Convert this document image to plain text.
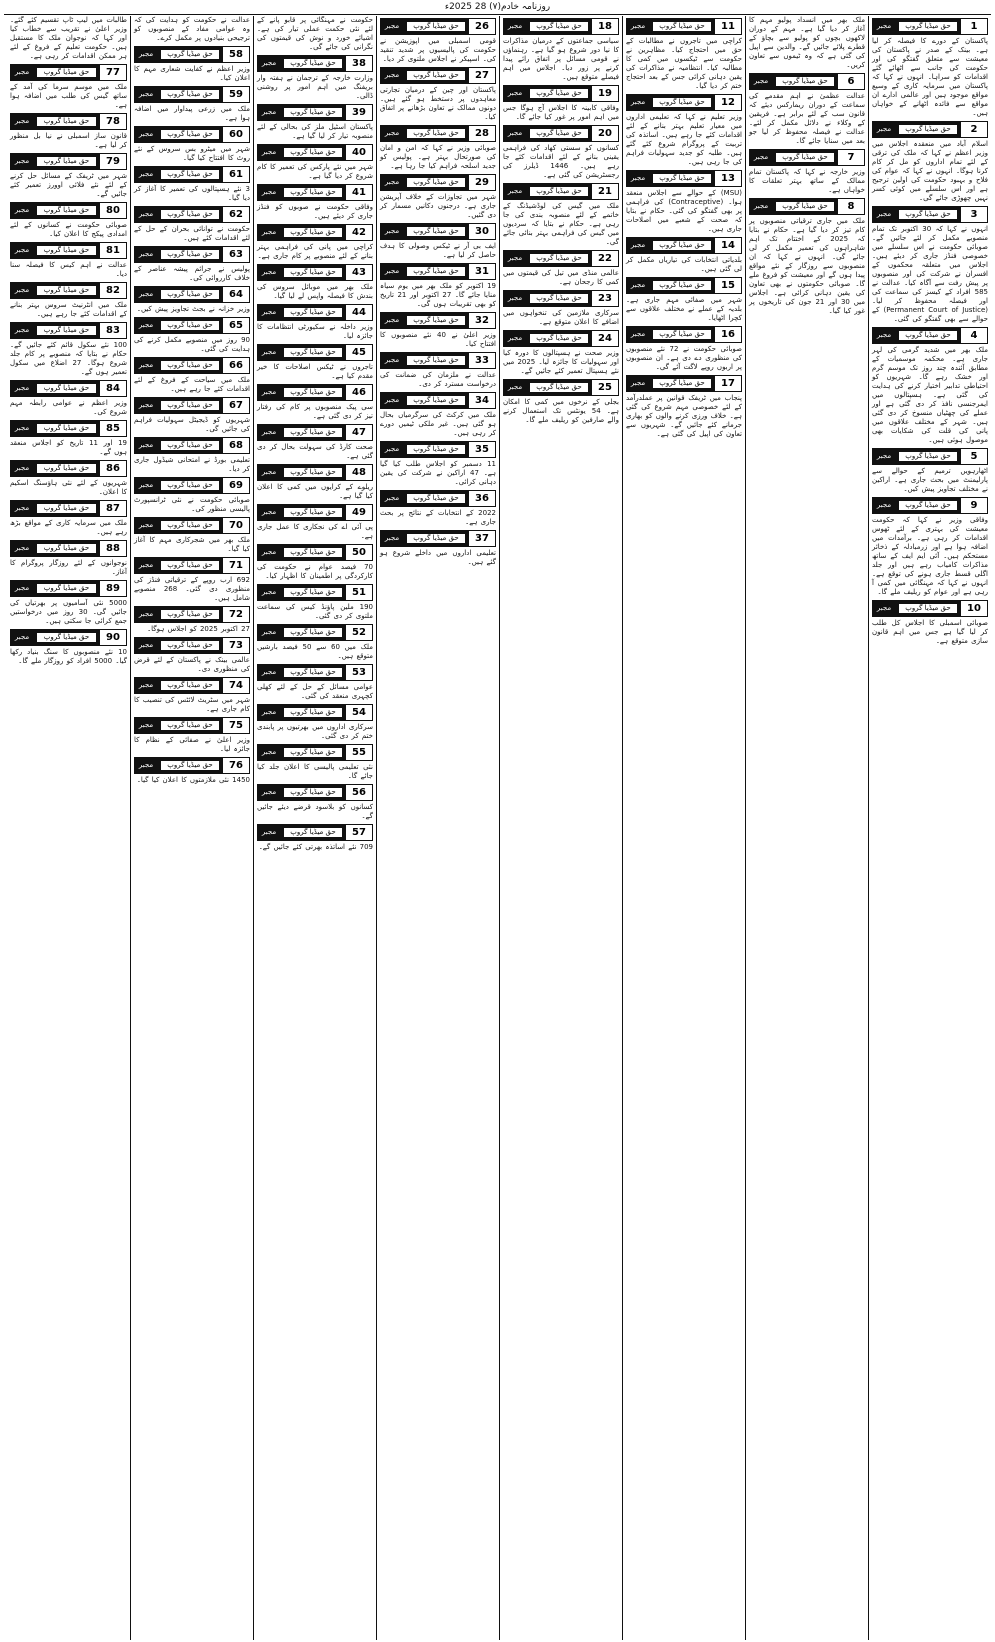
روزنامہ خادم(۷) 28 2025ء
1
حق میڈیا گروپ
مجبر
پاکستان کے دورے کا فیصلہ کر لیا ہے۔ بینک کے صدر نے پاکستان کی معیشت سے متعلق گفتگو کی اور حکومت کی جانب سے اٹھائے گئے اقدامات کو سراہا۔ انہوں نے کہا کہ پاکستان میں سرمایہ کاری کے وسیع مواقع موجود ہیں اور عالمی ادارے ان مواقع سے فائدہ اٹھانے کے خواہاں ہیں۔
2
حق میڈیا گروپ
مجبر
اسلام آباد میں منعقدہ اجلاس میں وزیر اعظم نے کہا کہ ملک کی ترقی کے لئے تمام اداروں کو مل کر کام کرنا ہوگا۔ انہوں نے کہا کہ عوام کی فلاح و بہبود حکومت کی اولین ترجیح ہے اور اس سلسلے میں کوئی کسر نہیں چھوڑی جائے گی۔
3
حق میڈیا گروپ
مجبر
انہوں نے کہا کہ 30 اکتوبر تک تمام منصوبے مکمل کر لئے جائیں گے۔ صوبائی حکومت نے اس سلسلے میں خصوصی فنڈز جاری کر دیئے ہیں۔ اجلاس میں متعلقہ محکموں کے افسران نے شرکت کی اور منصوبوں پر پیش رفت سے آگاہ کیا۔ عدالت نے 585 افراد کے کیسز کی سماعت کی اور فیصلہ محفوظ کر لیا۔ (Permanent Court of Justice) کے حوالے سے بھی گفتگو کی گئی۔
4
حق میڈیا گروپ
مجبر
ملک بھر میں شدید گرمی کی لہر جاری ہے۔ محکمہ موسمیات کے مطابق آئندہ چند روز تک موسم گرم اور خشک رہے گا۔ شہریوں کو احتیاطی تدابیر اختیار کرنے کی ہدایت کی گئی ہے۔ ہسپتالوں میں ایمرجنسی نافذ کر دی گئی ہے اور عملے کی چھٹیاں منسوخ کر دی گئی ہیں۔ شہر کے مختلف علاقوں میں پانی کی قلت کی شکایات بھی موصول ہوئی ہیں۔
5
حق میڈیا گروپ
مجبر
اٹھارہویں ترمیم کے حوالے سے پارلیمنٹ میں بحث جاری ہے۔ اراکین نے مختلف تجاویز پیش کیں۔
9
حق میڈیا گروپ
مجبر
وفاقی وزیر نے کہا کہ حکومت معیشت کی بہتری کے لئے ٹھوس اقدامات کر رہی ہے۔ برآمدات میں اضافہ ہوا ہے اور زرمبادلہ کے ذخائر مستحکم ہیں۔ آئی ایم ایف کے ساتھ مذاکرات کامیاب رہے ہیں اور جلد اگلی قسط جاری ہونے کی توقع ہے۔ انہوں نے کہا کہ مہنگائی میں کمی آ رہی ہے اور عوام کو ریلیف ملے گا۔
10
حق میڈیا گروپ
مجبر
صوبائی اسمبلی کا اجلاس کل طلب کر لیا گیا ہے جس میں اہم قانون سازی متوقع ہے۔
ملک بھر میں انسداد پولیو مہم کا آغاز کر دیا گیا ہے۔ مہم کے دوران لاکھوں بچوں کو پولیو سے بچاؤ کے قطرے پلائے جائیں گے۔ والدین سے اپیل کی گئی ہے کہ وہ ٹیموں سے تعاون کریں۔
6
حق میڈیا گروپ
مجبر
عدالت عظمیٰ نے اہم مقدمے کی سماعت کے دوران ریمارکس دیئے کہ قانون سب کے لئے برابر ہے۔ فریقین کے وکلاء نے دلائل مکمل کر لئے۔ عدالت نے فیصلہ محفوظ کر لیا جو بعد میں سنایا جائے گا۔
7
حق میڈیا گروپ
مجبر
وزیر خارجہ نے کہا کہ پاکستان تمام ممالک کے ساتھ بہتر تعلقات کا خواہاں ہے۔
8
حق میڈیا گروپ
مجبر
ملک میں جاری ترقیاتی منصوبوں پر کام تیز کر دیا گیا ہے۔ حکام نے بتایا کہ 2025 کے اختتام تک اہم شاہراہوں کی تعمیر مکمل کر لی جائے گی۔ انہوں نے کہا کہ ان منصوبوں سے روزگار کے نئے مواقع پیدا ہوں گے اور معیشت کو فروغ ملے گا۔ صوبائی حکومتوں نے بھی تعاون کی یقین دہانی کرائی ہے۔ اجلاس میں 30 اور 21 جون کی تاریخوں پر غور کیا گیا۔
11
حق میڈیا گروپ
مجبر
کراچی میں تاجروں نے مطالبات کے حق میں احتجاج کیا۔ مظاہرین نے حکومت سے ٹیکسوں میں کمی کا مطالبہ کیا۔ انتظامیہ نے مذاکرات کی یقین دہانی کرائی جس کے بعد احتجاج ختم کر دیا گیا۔
12
حق میڈیا گروپ
مجبر
وزیر تعلیم نے کہا کہ تعلیمی اداروں میں معیار تعلیم بہتر بنانے کے لئے اقدامات کئے جا رہے ہیں۔ اساتذہ کی تربیت کے پروگرام شروع کئے گئے ہیں۔ طلبہ کو جدید سہولیات فراہم کی جا رہی ہیں۔
13
حق میڈیا گروپ
مجبر
(MSU) کے حوالے سے اجلاس منعقد ہوا۔ (Contraceptive) کی فراہمی پر بھی گفتگو کی گئی۔ حکام نے بتایا کہ صحت کے شعبے میں اصلاحات جاری ہیں۔
14
حق میڈیا گروپ
مجبر
بلدیاتی انتخابات کی تیاریاں مکمل کر لی گئی ہیں۔
15
حق میڈیا گروپ
مجبر
شہر میں صفائی مہم جاری ہے۔ بلدیہ کے عملے نے مختلف علاقوں سے کچرا اٹھایا۔
16
حق میڈیا گروپ
مجبر
صوبائی حکومت نے 72 نئے منصوبوں کی منظوری دے دی ہے۔ ان منصوبوں پر اربوں روپے لاگت آئے گی۔
17
حق میڈیا گروپ
مجبر
پنجاب میں ٹریفک قوانین پر عملدرآمد کے لئے خصوصی مہم شروع کی گئی ہے۔ خلاف ورزی کرنے والوں کو بھاری جرمانے کئے جائیں گے۔ شہریوں سے تعاون کی اپیل کی گئی ہے۔
18
حق میڈیا گروپ
مجبر
سیاسی جماعتوں کے درمیان مذاکرات کا نیا دور شروع ہو گیا ہے۔ رہنماؤں نے قومی مسائل پر اتفاق رائے پیدا کرنے پر زور دیا۔ اجلاس میں اہم فیصلے متوقع ہیں۔
19
حق میڈیا گروپ
مجبر
وفاقی کابینہ کا اجلاس آج ہوگا جس میں اہم امور پر غور کیا جائے گا۔
20
حق میڈیا گروپ
مجبر
کسانوں کو سستی کھاد کی فراہمی یقینی بنانے کے لئے اقدامات کئے جا رہے ہیں۔ 1446 ڈیلرز کی رجسٹریشن کی گئی ہے۔
21
حق میڈیا گروپ
مجبر
ملک میں گیس کی لوڈشیڈنگ کے خاتمے کے لئے منصوبہ بندی کی جا رہی ہے۔ حکام نے بتایا کہ سردیوں میں گیس کی فراہمی بہتر بنائی جائے گی۔
22
حق میڈیا گروپ
مجبر
عالمی منڈی میں تیل کی قیمتوں میں کمی کا رجحان ہے۔
23
حق میڈیا گروپ
مجبر
سرکاری ملازمین کی تنخواہوں میں اضافے کا اعلان متوقع ہے۔
24
حق میڈیا گروپ
مجبر
وزیر صحت نے ہسپتالوں کا دورہ کیا اور سہولیات کا جائزہ لیا۔ 2025 میں نئے ہسپتال تعمیر کئے جائیں گے۔
25
حق میڈیا گروپ
مجبر
بجلی کے نرخوں میں کمی کا امکان ہے۔ 54 یونٹس تک استعمال کرنے والے صارفین کو ریلیف ملے گا۔
26
حق میڈیا گروپ
مجبر
قومی اسمبلی میں اپوزیشن نے حکومت کی پالیسیوں پر شدید تنقید کی۔ اسپیکر نے اجلاس ملتوی کر دیا۔
27
حق میڈیا گروپ
مجبر
پاکستان اور چین کے درمیان تجارتی معاہدوں پر دستخط ہو گئے ہیں۔ دونوں ممالک نے تعاون بڑھانے پر اتفاق کیا۔
28
حق میڈیا گروپ
مجبر
صوبائی وزیر نے کہا کہ امن و امان کی صورتحال بہتر ہے۔ پولیس کو جدید اسلحہ فراہم کیا جا رہا ہے۔
29
حق میڈیا گروپ
مجبر
شہر میں تجاوزات کے خلاف آپریشن جاری ہے۔ درجنوں دکانیں مسمار کر دی گئیں۔
30
حق میڈیا گروپ
مجبر
ایف بی آر نے ٹیکس وصولی کا ہدف حاصل کر لیا ہے۔
31
حق میڈیا گروپ
مجبر
19 اکتوبر کو ملک بھر میں یوم سیاہ منایا جائے گا۔ 27 اکتوبر اور 21 تاریخ کو بھی تقریبات ہوں گی۔
32
حق میڈیا گروپ
مجبر
وزیر اعلیٰ نے 40 نئے منصوبوں کا افتتاح کیا۔
33
حق میڈیا گروپ
مجبر
عدالت نے ملزمان کی ضمانت کی درخواست مسترد کر دی۔
34
حق میڈیا گروپ
مجبر
ملک میں کرکٹ کی سرگرمیاں بحال ہو گئی ہیں۔ غیر ملکی ٹیمیں دورے کر رہی ہیں۔
35
حق میڈیا گروپ
مجبر
11 دسمبر کو اجلاس طلب کیا گیا ہے۔ 47 اراکین نے شرکت کی یقین دہانی کرائی۔
36
حق میڈیا گروپ
مجبر
2022 کے انتخابات کے نتائج پر بحث جاری ہے۔
37
حق میڈیا گروپ
مجبر
تعلیمی اداروں میں داخلے شروع ہو گئے ہیں۔
حکومت نے مہنگائی پر قابو پانے کے لئے نئی حکمت عملی تیار کی ہے۔ اشیائے خورد و نوش کی قیمتوں کی نگرانی کی جائے گی۔
38
حق میڈیا گروپ
مجبر
وزارت خارجہ کے ترجمان نے ہفتہ وار بریفنگ میں اہم امور پر روشنی ڈالی۔
39
حق میڈیا گروپ
مجبر
پاکستان اسٹیل ملز کی بحالی کے لئے منصوبہ تیار کر لیا گیا ہے۔
40
حق میڈیا گروپ
مجبر
شہر میں نئے پارکس کی تعمیر کا کام شروع کر دیا گیا ہے۔
41
حق میڈیا گروپ
مجبر
وفاقی حکومت نے صوبوں کو فنڈز جاری کر دیئے ہیں۔
42
حق میڈیا گروپ
مجبر
کراچی میں پانی کی فراہمی بہتر بنانے کے لئے منصوبے پر کام جاری ہے۔
43
حق میڈیا گروپ
مجبر
ملک بھر میں موبائل سروس کی بندش کا فیصلہ واپس لے لیا گیا۔
44
حق میڈیا گروپ
مجبر
وزیر داخلہ نے سکیورٹی انتظامات کا جائزہ لیا۔
45
حق میڈیا گروپ
مجبر
تاجروں نے ٹیکس اصلاحات کا خیر مقدم کیا ہے۔
46
حق میڈیا گروپ
مجبر
سی پیک منصوبوں پر کام کی رفتار تیز کر دی گئی ہے۔
47
حق میڈیا گروپ
مجبر
صحت کارڈ کی سہولت بحال کر دی گئی ہے۔
48
حق میڈیا گروپ
مجبر
ریلوے کے کرایوں میں کمی کا اعلان کیا گیا ہے۔
49
حق میڈیا گروپ
مجبر
پی آئی اے کی نجکاری کا عمل جاری ہے۔
50
حق میڈیا گروپ
مجبر
70 فیصد عوام نے حکومت کی کارکردگی پر اطمینان کا اظہار کیا۔
51
حق میڈیا گروپ
مجبر
190 ملین پاؤنڈ کیس کی سماعت ملتوی کر دی گئی۔
52
حق میڈیا گروپ
مجبر
ملک میں 60 سے 50 فیصد بارشیں متوقع ہیں۔
53
حق میڈیا گروپ
مجبر
عوامی مسائل کے حل کے لئے کھلی کچہری منعقد کی گئی۔
54
حق میڈیا گروپ
مجبر
سرکاری اداروں میں بھرتیوں پر پابندی ختم کر دی گئی۔
55
حق میڈیا گروپ
مجبر
نئی تعلیمی پالیسی کا اعلان جلد کیا جائے گا۔
56
حق میڈیا گروپ
مجبر
کسانوں کو بلاسود قرضے دیئے جائیں گے۔
57
حق میڈیا گروپ
مجبر
709 نئے اساتذہ بھرتی کئے جائیں گے۔
عدالت نے حکومت کو ہدایت کی کہ وہ عوامی مفاد کے منصوبوں کو ترجیحی بنیادوں پر مکمل کرے۔
58
حق میڈیا گروپ
مجبر
وزیر اعظم نے کفایت شعاری مہم کا اعلان کیا۔
59
حق میڈیا گروپ
مجبر
ملک میں زرعی پیداوار میں اضافہ ہوا ہے۔
60
حق میڈیا گروپ
مجبر
شہر میں میٹرو بس سروس کے نئے روٹ کا افتتاح کیا گیا۔
61
حق میڈیا گروپ
مجبر
3 نئے ہسپتالوں کی تعمیر کا آغاز کر دیا گیا۔
62
حق میڈیا گروپ
مجبر
حکومت نے توانائی بحران کے حل کے لئے اقدامات کئے ہیں۔
63
حق میڈیا گروپ
مجبر
پولیس نے جرائم پیشہ عناصر کے خلاف کارروائی کی۔
64
حق میڈیا گروپ
مجبر
وزیر خزانہ نے بجٹ تجاویز پیش کیں۔
65
حق میڈیا گروپ
مجبر
90 روز میں منصوبے مکمل کرنے کی ہدایت کی گئی۔
66
حق میڈیا گروپ
مجبر
ملک میں سیاحت کے فروغ کے لئے اقدامات کئے جا رہے ہیں۔
67
حق میڈیا گروپ
مجبر
شہریوں کو ڈیجیٹل سہولیات فراہم کی جائیں گی۔
68
حق میڈیا گروپ
مجبر
تعلیمی بورڈ نے امتحانی شیڈول جاری کر دیا۔
69
حق میڈیا گروپ
مجبر
صوبائی حکومت نے نئی ٹرانسپورٹ پالیسی منظور کی۔
70
حق میڈیا گروپ
مجبر
ملک بھر میں شجرکاری مہم کا آغاز کیا گیا۔
71
حق میڈیا گروپ
مجبر
692 ارب روپے کے ترقیاتی فنڈز کی منظوری دی گئی۔ 268 منصوبے شامل ہیں۔
72
حق میڈیا گروپ
مجبر
27 اکتوبر 2025 کو اجلاس ہوگا۔
73
حق میڈیا گروپ
مجبر
عالمی بینک نے پاکستان کے لئے قرض کی منظوری دی۔
74
حق میڈیا گروپ
مجبر
شہر میں سٹریٹ لائٹس کی تنصیب کا کام جاری ہے۔
75
حق میڈیا گروپ
مجبر
وزیر اعلیٰ نے صفائی کے نظام کا جائزہ لیا۔
76
حق میڈیا گروپ
مجبر
1450 نئی ملازمتوں کا اعلان کیا گیا۔
طالبات میں لیپ ٹاپ تقسیم کئے گئے۔ وزیر اعلیٰ نے تقریب سے خطاب کیا اور کہا کہ نوجوان ملک کا مستقبل ہیں۔ حکومت تعلیم کے فروغ کے لئے ہر ممکن اقدامات کر رہی ہے۔
77
حق میڈیا گروپ
مجبر
ملک میں موسم سرما کی آمد کے ساتھ گیس کی طلب میں اضافہ ہوا ہے۔
78
حق میڈیا گروپ
مجبر
قانون ساز اسمبلی نے نیا بل منظور کر لیا ہے۔
79
حق میڈیا گروپ
مجبر
شہر میں ٹریفک کے مسائل حل کرنے کے لئے نئے فلائی اوورز تعمیر کئے جائیں گے۔
80
حق میڈیا گروپ
مجبر
صوبائی حکومت نے کسانوں کے لئے امدادی پیکج کا اعلان کیا۔
81
حق میڈیا گروپ
مجبر
عدالت نے اہم کیس کا فیصلہ سنا دیا۔
82
حق میڈیا گروپ
مجبر
ملک میں انٹرنیٹ سروس بہتر بنانے کے اقدامات کئے جا رہے ہیں۔
83
حق میڈیا گروپ
مجبر
100 نئے سکول قائم کئے جائیں گے۔ حکام نے بتایا کہ منصوبے پر کام جلد شروع ہوگا۔ 27 اضلاع میں سکول تعمیر ہوں گے۔
84
حق میڈیا گروپ
مجبر
وزیر اعظم نے عوامی رابطہ مہم شروع کی۔
85
حق میڈیا گروپ
مجبر
19 اور 11 تاریخ کو اجلاس منعقد ہوں گے۔
86
حق میڈیا گروپ
مجبر
شہریوں کے لئے نئی ہاؤسنگ اسکیم کا اعلان۔
87
حق میڈیا گروپ
مجبر
ملک میں سرمایہ کاری کے مواقع بڑھ رہے ہیں۔
88
حق میڈیا گروپ
مجبر
نوجوانوں کے لئے روزگار پروگرام کا آغاز۔
89
حق میڈیا گروپ
مجبر
5000 نئی آسامیوں پر بھرتیاں کی جائیں گی۔ 30 روز میں درخواستیں جمع کرائی جا سکتی ہیں۔
90
حق میڈیا گروپ
مجبر
10 نئے منصوبوں کا سنگ بنیاد رکھا گیا۔ 5000 افراد کو روزگار ملے گا۔
